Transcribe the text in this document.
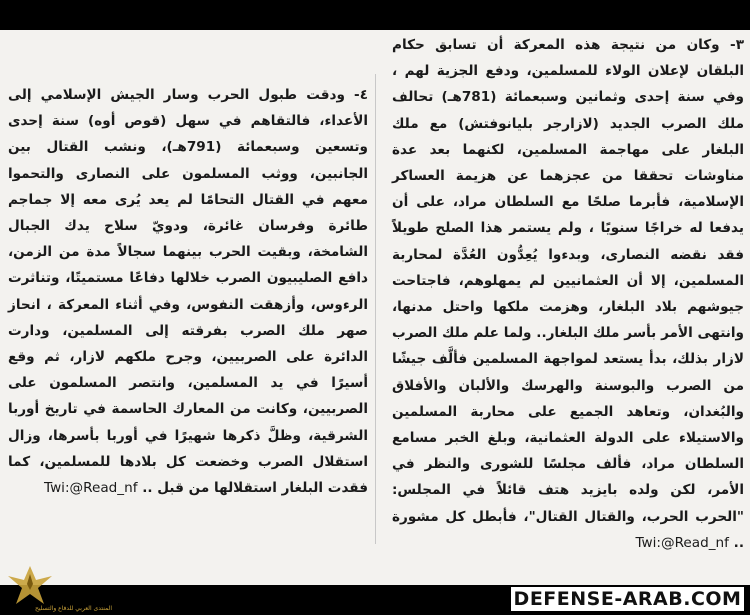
٣- وكان من نتيجة هذه المعركة أن تسابق حكام البلقان لإعلان الولاء للمسلمين، ودفع الجزية لهم ، وفي سنة إحدى وثمانين وسبعمائة (781هـ) تحالف ملك الصرب الجديد (لازارجر بليانوفتش) مع ملك البلغار على مهاجمة المسلمين، لكنهما بعد عدة مناوشات تحققا من عجزهما عن هزيمة العساكر الإسلامية، فأبرما صلحًا مع السلطان مراد، على أن يدفعا له خراجًا سنويًا ، ولم يستمر هذا الصلح طويلاً فقد نقضه النصارى، وبدءوا يُعِدُّون العُدَّة لمحاربة المسلمين، إلا أن العثمانيين لم يمهلوهم، فاجتاحت جيوشهم بلاد البلغار، وهزمت ملكها واحتل مدنها، وانتهى الأمر بأسر ملك البلغار.. ولما علم ملك الصرب لازار بذلك، بدأ يستعد لمواجهة المسلمين فألَّف جيشًا من الصرب والبوسنة والهرسك والألبان والأفلاق والبُغدان، وتعاهد الجميع على محاربة المسلمين والاستيلاء على الدولة العثمانية، وبلغ الخبر مسامع السلطان مراد، فألف مجلسًا للشورى والنظر في الأمر، لكن ولده بايزيد هتف قائلاً في المجلس: "الحرب الحرب، والقتال القتال"، فأبطل كل مشورة .. Twi:@Read_nf

٤- ودقت طبول الحرب وسار الجيش الإسلامي إلى الأعداء، فالتقاهم في سهل (قوص أوه) سنة إحدى وتسعين وسبعمائة (791هـ)، ونشب القتال بين الجانبين، ووثب المسلمون على النصارى والتحموا معهم في القتال التحامًا لم يعد يُرى معه إلا جماجم طائرة وفرسان غائرة، ودويّ سلاح يدك الجبال الشامخة، وبقيت الحرب بينهما سجالاً مدة من الزمن، دافع الصليبيون الصرب خلالها دفاعًا مستميتًا، وتناثرت الرءوس، وأزهقت النفوس، وفي أثناء المعركة ، انحاز صهر ملك الصرب بفرقته إلى المسلمين، ودارت الدائرة على الصربيين، وجرح ملكهم لازار، ثم وقع أسيرًا في يد المسلمين، وانتصر المسلمون على الصربيين، وكانت من المعارك الحاسمة في تاريخ أوربا الشرقية، وظلَّ ذكرها شهيرًا في أوربا بأسرها، وزال استقلال الصرب وخضعت كل بلادها للمسلمين، كما فقدت البلغار استقلالها من قبل .. Twi:@Read_nf

المنتدى العربي للدفاع والتسليح	DEFENSE-ARAB.COM
